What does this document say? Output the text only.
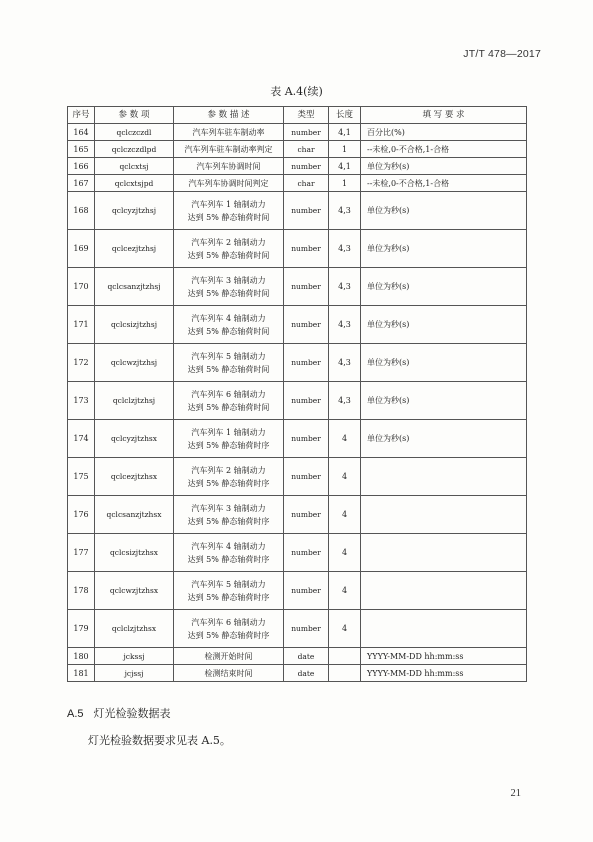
JT/T 478—2017
表 A.4(续)
序号	参 数 项	参 数 描 述	类型	长度	填 写 要 求
164	qclczczdl	汽车列车驻车制动率	number	4,1	百分比(%)
165	qclczczdlpd	汽车列车驻车制动率判定	char	1	--未检,0-不合格,1-合格
166	qclcxtsj	汽车列车协调时间	number	4,1	单位为秒(s)
167	qclcxtsjpd	汽车列车协调时间判定	char	1	--未检,0-不合格,1-合格
168	qclcyzjtzhsj	汽车列车 1 轴制动力
达到 5% 静态轴荷时间	number	4,3	单位为秒(s)
169	qclcezjtzhsj	汽车列车 2 轴制动力
达到 5% 静态轴荷时间	number	4,3	单位为秒(s)
170	qclcsanzjtzhsj	汽车列车 3 轴制动力
达到 5% 静态轴荷时间	number	4,3	单位为秒(s)
171	qclcsizjtzhsj	汽车列车 4 轴制动力
达到 5% 静态轴荷时间	number	4,3	单位为秒(s)
172	qclcwzjtzhsj	汽车列车 5 轴制动力
达到 5% 静态轴荷时间	number	4,3	单位为秒(s)
173	qclclzjtzhsj	汽车列车 6 轴制动力
达到 5% 静态轴荷时间	number	4,3	单位为秒(s)
174	qclcyzjtzhsx	汽车列车 1 轴制动力
达到 5% 静态轴荷时序	number	4	单位为秒(s)
175	qclcezjtzhsx	汽车列车 2 轴制动力
达到 5% 静态轴荷时序	number	4	
176	qclcsanzjtzhsx	汽车列车 3 轴制动力
达到 5% 静态轴荷时序	number	4	
177	qclcsizjtzhsx	汽车列车 4 轴制动力
达到 5% 静态轴荷时序	number	4	
178	qclcwzjtzhsx	汽车列车 5 轴制动力
达到 5% 静态轴荷时序	number	4	
179	qclclzjtzhsx	汽车列车 6 轴制动力
达到 5% 静态轴荷时序	number	4	
180	jckssj	检测开始时间	date		YYYY-MM-DD hh:mm:ss
181	jcjssj	检测结束时间	date		YYYY-MM-DD hh:mm:ss
A.5 灯光检验数据表
灯光检验数据要求见表 A.5。
21
